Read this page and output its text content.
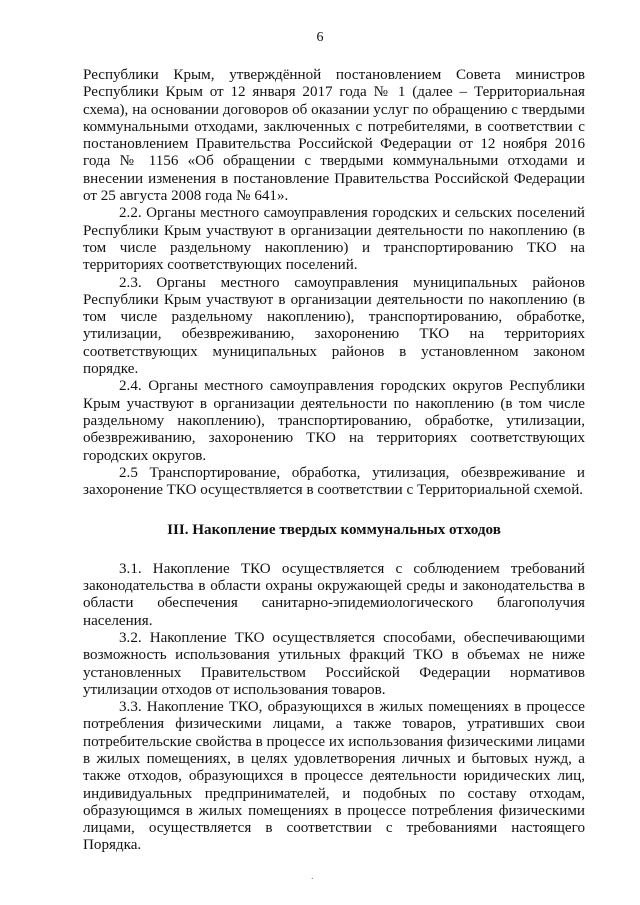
6

Республики Крым, утверждённой постановлением Совета министров Республики Крым от 12 января 2017 года № 1 (далее – Территориальная схема), на основании договоров об оказании услуг по обращению с твердыми коммунальными отходами, заключенных с потребителями, в соответствии с постановлением Правительства Российской Федерации от 12 ноября 2016 года № 1156 «Об обращении с твердыми коммунальными отходами и внесении изменения в постановление Правительства Российской Федерации от 25 августа 2008 года № 641».

2.2. Органы местного самоуправления городских и сельских поселений Республики Крым участвуют в организации деятельности по накоплению (в том числе раздельному накоплению) и транспортированию ТКО на территориях соответствующих поселений.

2.3. Органы местного самоуправления муниципальных районов Республики Крым участвуют в организации деятельности по накоплению (в том числе раздельному накоплению), транспортированию, обработке, утилизации, обезвреживанию, захоронению ТКО на территориях соответствующих муниципальных районов в установленном законом порядке.

2.4. Органы местного самоуправления городских округов Республики Крым участвуют в организации деятельности по накоплению (в том числе раздельному накоплению), транспортированию, обработке, утилизации, обезвреживанию, захоронению ТКО на территориях соответствующих городских округов.

2.5 Транспортирование, обработка, утилизация, обезвреживание и захоронение ТКО осуществляется в соответствии с Территориальной схемой.

III. Накопление твердых коммунальных отходов

3.1. Накопление ТКО осуществляется с соблюдением требований законодательства в области охраны окружающей среды и законодательства в области обеспечения санитарно-эпидемиологического благополучия населения.

3.2. Накопление ТКО осуществляется способами, обеспечивающими возможность использования утильных фракций ТКО в объемах не ниже установленных Правительством Российской Федерации нормативов утилизации отходов от использования товаров.

3.3. Накопление ТКО, образующихся в жилых помещениях в процессе потребления физическими лицами, а также товаров, утративших свои потребительские свойства в процессе их использования физическими лицами в жилых помещениях, в целях удовлетворения личных и бытовых нужд, а также отходов, образующихся в процессе деятельности юридических лиц, индивидуальных предпринимателей, и подобных по составу отходам, образующимся в жилых помещениях в процессе потребления физическими лицами, осуществляется в соответствии с требованиями настоящего Порядка.

.
